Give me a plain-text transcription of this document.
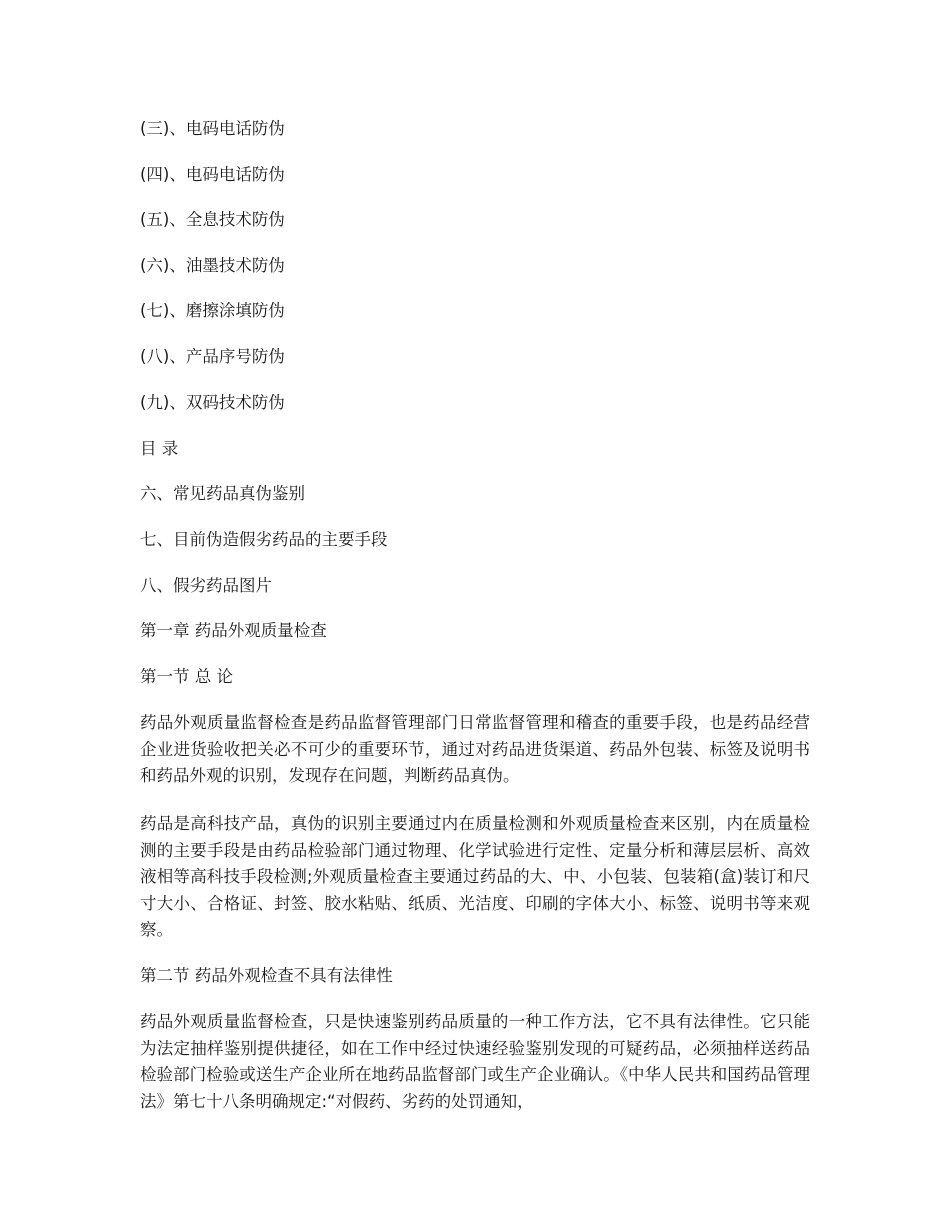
(三)、电码电话防伪
(四)、电码电话防伪
(五)、全息技术防伪
(六)、油墨技术防伪
(七)、磨擦涂填防伪
(八)、产品序号防伪
(九)、双码技术防伪
目 录
六、常见药品真伪鉴别
七、目前伪造假劣药品的主要手段
八、假劣药品图片
第一章 药品外观质量检查
第一节 总 论
药品外观质量监督检查是药品监督管理部门日常监督管理和稽查的重要手段，也是药品经营企业进货验收把关必不可少的重要环节，通过对药品进货渠道、药品外包装、标签及说明书和药品外观的识别，发现存在问题，判断药品真伪。
药品是高科技产品，真伪的识别主要通过内在质量检测和外观质量检查来区别，内在质量检测的主要手段是由药品检验部门通过物理、化学试验进行定性、定量分析和薄层层析、高效液相等高科技手段检测;外观质量检查主要通过药品的大、中、小包装、包装箱(盒)装订和尺寸大小、合格证、封签、胶水粘贴、纸质、光洁度、印刷的字体大小、标签、说明书等来观察。
第二节 药品外观检查不具有法律性
药品外观质量监督检查，只是快速鉴别药品质量的一种工作方法，它不具有法律性。它只能为法定抽样鉴别提供捷径，如在工作中经过快速经验鉴别发现的可疑药品，必须抽样送药品检验部门检验或送生产企业所在地药品监督部门或生产企业确认。《中华人民共和国药品管理法》第七十八条明确规定:“对假药、劣药的处罚通知，
